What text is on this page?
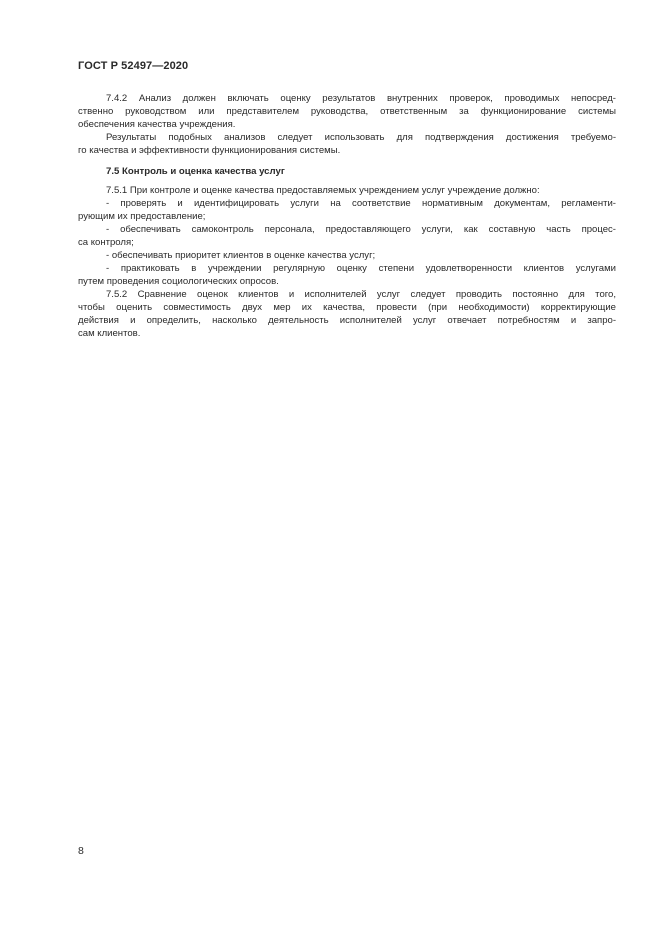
ГОСТ Р 52497—2020

7.4.2 Анализ должен включать оценку результатов внутренних проверок, проводимых непосред-
ственно руководством или представителем руководства, ответственным за функционирование системы
обеспечения качества учреждения.

Результаты подобных анализов следует использовать для подтверждения достижения требуемо-
го качества и эффективности функционирования системы.

7.5 Контроль и оценка качества услуг

7.5.1 При контроле и оценке качества предоставляемых учреждением услуг учреждение должно:

- проверять и идентифицировать услуги на соответствие нормативным документам, регламенти-
рующим их предоставление;

- обеспечивать самоконтроль персонала, предоставляющего услуги, как составную часть процес-
са контроля;

- обеспечивать приоритет клиентов в оценке качества услуг;

- практиковать в учреждении регулярную оценку степени удовлетворенности клиентов услугами
путем проведения социологических опросов.

7.5.2 Сравнение оценок клиентов и исполнителей услуг следует проводить постоянно для того,
чтобы оценить совместимость двух мер их качества, провести (при необходимости) корректирующие
действия и определить, насколько деятельность исполнителей услуг отвечает потребностям и запро-
сам клиентов.

8
